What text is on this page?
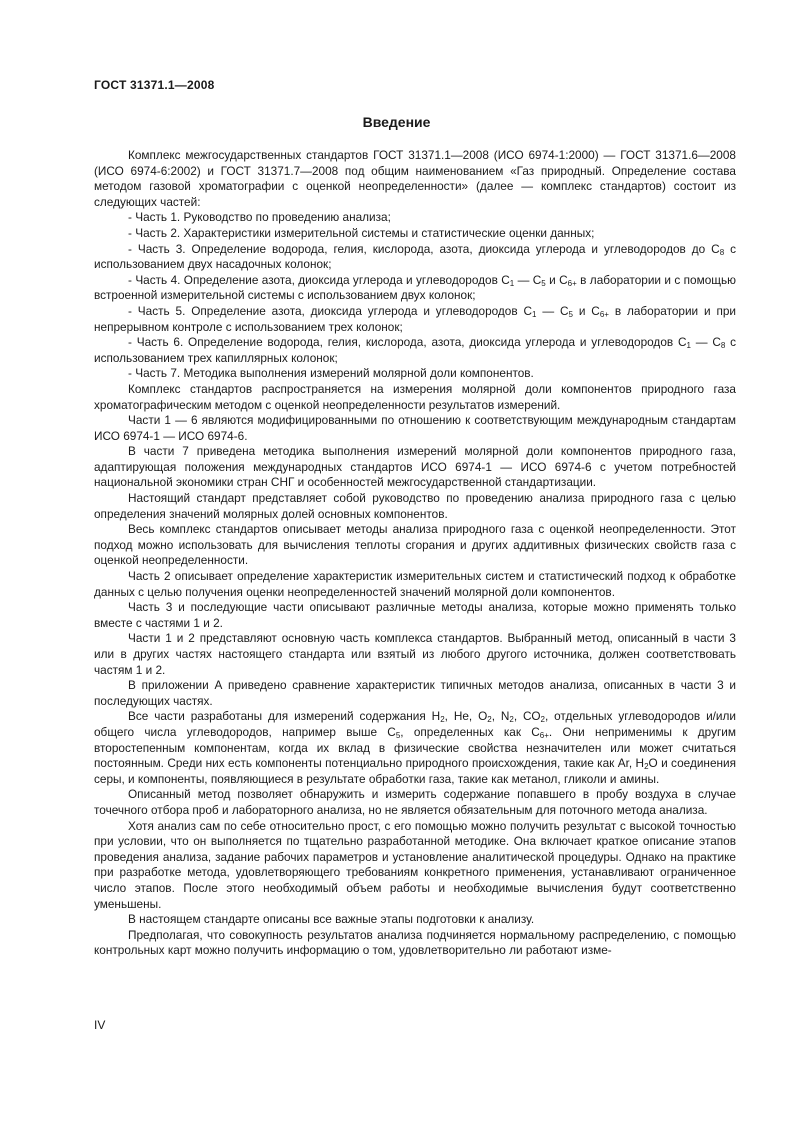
ГОСТ 31371.1—2008
Введение

Комплекс межгосударственных стандартов ГОСТ 31371.1—2008 (ИСО 6974-1:2000) — ГОСТ 31371.6—2008 (ИСО 6974-6:2002) и ГОСТ 31371.7—2008 под общим наименованием «Газ природный. Определение состава методом газовой хроматографии с оценкой неопределенности» (далее — комплекс стандартов) состоит из следующих частей:

- Часть 1. Руководство по проведению анализа;

- Часть 2. Характеристики измерительной системы и статистические оценки данных;

- Часть 3. Определение водорода, гелия, кислорода, азота, диоксида углерода и углеводородов до $С_8$ с использованием двух насадочных колонок;

- Часть 4. Определение азота, диоксида углерода и углеводородов $С_1$ — $С_5$ и $С_{6+}$ в лаборатории и с помощью встроенной измерительной системы с использованием двух колонок;

- Часть 5. Определение азота, диоксида углерода и углеводородов $С_1$ — $С_5$ и $С_{6+}$ в лаборатории и при непрерывном контроле с использованием трех колонок;

- Часть 6. Определение водорода, гелия, кислорода, азота, диоксида углерода и углеводородов $С_1$ — $С_8$ с использованием трех капиллярных колонок;

- Часть 7. Методика выполнения измерений молярной доли компонентов.

Комплекс стандартов распространяется на измерения молярной доли компонентов природного газа хроматографическим методом с оценкой неопределенности результатов измерений.

Части 1 — 6 являются модифицированными по отношению к соответствующим международным стандартам ИСО 6974-1 — ИСО 6974-6.

В части 7 приведена методика выполнения измерений молярной доли компонентов природного газа, адаптирующая положения международных стандартов ИСО 6974-1 — ИСО 6974-6 с учетом потребностей национальной экономики стран СНГ и особенностей межгосударственной стандартизации.

Настоящий стандарт представляет собой руководство по проведению анализа природного газа с целью определения значений молярных долей основных компонентов.

Весь комплекс стандартов описывает методы анализа природного газа с оценкой неопределенности. Этот подход можно использовать для вычисления теплоты сгорания и других аддитивных физических свойств газа с оценкой неопределенности.

Часть 2 описывает определение характеристик измерительных систем и статистический подход к обработке данных с целью получения оценки неопределенностей значений молярной доли компонентов.

Часть 3 и последующие части описывают различные методы анализа, которые можно применять только вместе с частями 1 и 2.

Части 1 и 2 представляют основную часть комплекса стандартов. Выбранный метод, описанный в части 3 или в других частях настоящего стандарта или взятый из любого другого источника, должен соответствовать частям 1 и 2.

В приложении А приведено сравнение характеристик типичных методов анализа, описанных в части 3 и последующих частях.

Все части разработаны для измерений содержания $Н_2$, Не, $О_2$, $N_2$, $СО_2$, отдельных углеводородов и/или общего числа углеводородов, например выше $С_5$, определенных как $С_{6+}$. Они неприменимы к другим второстепенным компонентам, когда их вклад в физические свойства незначителен или может считаться постоянным. Среди них есть компоненты потенциально природного происхождения, такие как Ar, $Н_2О$ и соединения серы, и компоненты, появляющиеся в результате обработки газа, такие как метанол, гликоли и амины.

Описанный метод позволяет обнаружить и измерить содержание попавшего в пробу воздуха в случае точечного отбора проб и лабораторного анализа, но не является обязательным для поточного метода анализа.

Хотя анализ сам по себе относительно прост, с его помощью можно получить результат с высокой точностью при условии, что он выполняется по тщательно разработанной методике. Она включает краткое описание этапов проведения анализа, задание рабочих параметров и установление аналитической процедуры. Однако на практике при разработке метода, удовлетворяющего требованиям конкретного применения, устанавливают ограниченное число этапов. После этого необходимый объем работы и необходимые вычисления будут соответственно уменьшены.

В настоящем стандарте описаны все важные этапы подготовки к анализу.

Предполагая, что совокупность результатов анализа подчиняется нормальному распределению, с помощью контрольных карт можно получить информацию о том, удовлетворительно ли работают изме-

IV
